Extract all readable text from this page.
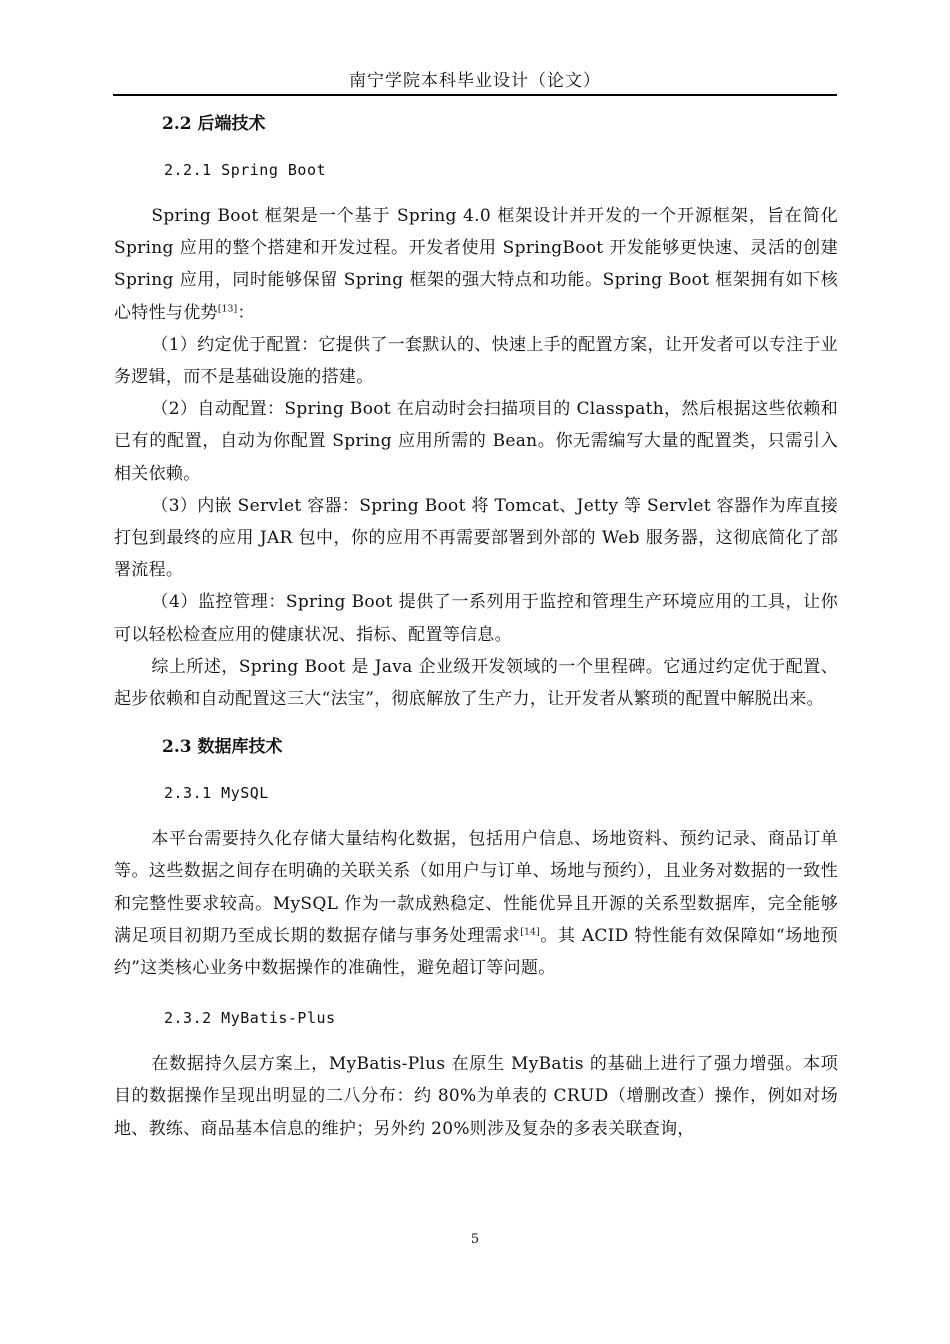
南宁学院本科毕业设计（论文）
2.2 后端技术
2.2.1 Spring Boot
Spring Boot 框架是一个基于 Spring 4.0 框架设计并开发的一个开源框架，旨在简化 Spring 应用的整个搭建和开发过程。开发者使用 SpringBoot 开发能够更快速、灵活的创建 Spring 应用，同时能够保留 Spring 框架的强大特点和功能。Spring Boot 框架拥有如下核心特性与优势[13]：
（1）约定优于配置：它提供了一套默认的、快速上手的配置方案，让开发者可以专注于业务逻辑，而不是基础设施的搭建。
（2）自动配置：Spring Boot 在启动时会扫描项目的 Classpath，然后根据这些依赖和已有的配置，自动为你配置 Spring 应用所需的 Bean。你无需编写大量的配置类，只需引入相关依赖。
（3）内嵌 Servlet 容器：Spring Boot 将 Tomcat、Jetty 等 Servlet 容器作为库直接打包到最终的应用 JAR 包中，你的应用不再需要部署到外部的 Web 服务器，这彻底简化了部署流程。
（4）监控管理：Spring Boot 提供了一系列用于监控和管理生产环境应用的工具，让你可以轻松检查应用的健康状况、指标、配置等信息。
综上所述，Spring Boot 是 Java 企业级开发领域的一个里程碑。它通过约定优于配置、起步依赖和自动配置这三大“法宝”，彻底解放了生产力，让开发者从繁琐的配置中解脱出来。
2.3 数据库技术
2.3.1 MySQL
本平台需要持久化存储大量结构化数据，包括用户信息、场地资料、预约记录、商品订单等。这些数据之间存在明确的关联关系（如用户与订单、场地与预约），且业务对数据的一致性和完整性要求较高。MySQL 作为一款成熟稳定、性能优异且开源的关系型数据库，完全能够满足项目初期乃至成长期的数据存储与事务处理需求[14]。其 ACID 特性能有效保障如“场地预约”这类核心业务中数据操作的准确性，避免超订等问题。
2.3.2 MyBatis-Plus
在数据持久层方案上，MyBatis-Plus 在原生 MyBatis 的基础上进行了强力增强。本项目的数据操作呈现出明显的二八分布：约 80%为单表的 CRUD（增删改查）操作，例如对场地、教练、商品基本信息的维护；另外约 20%则涉及复杂的多表关联查询，
5
